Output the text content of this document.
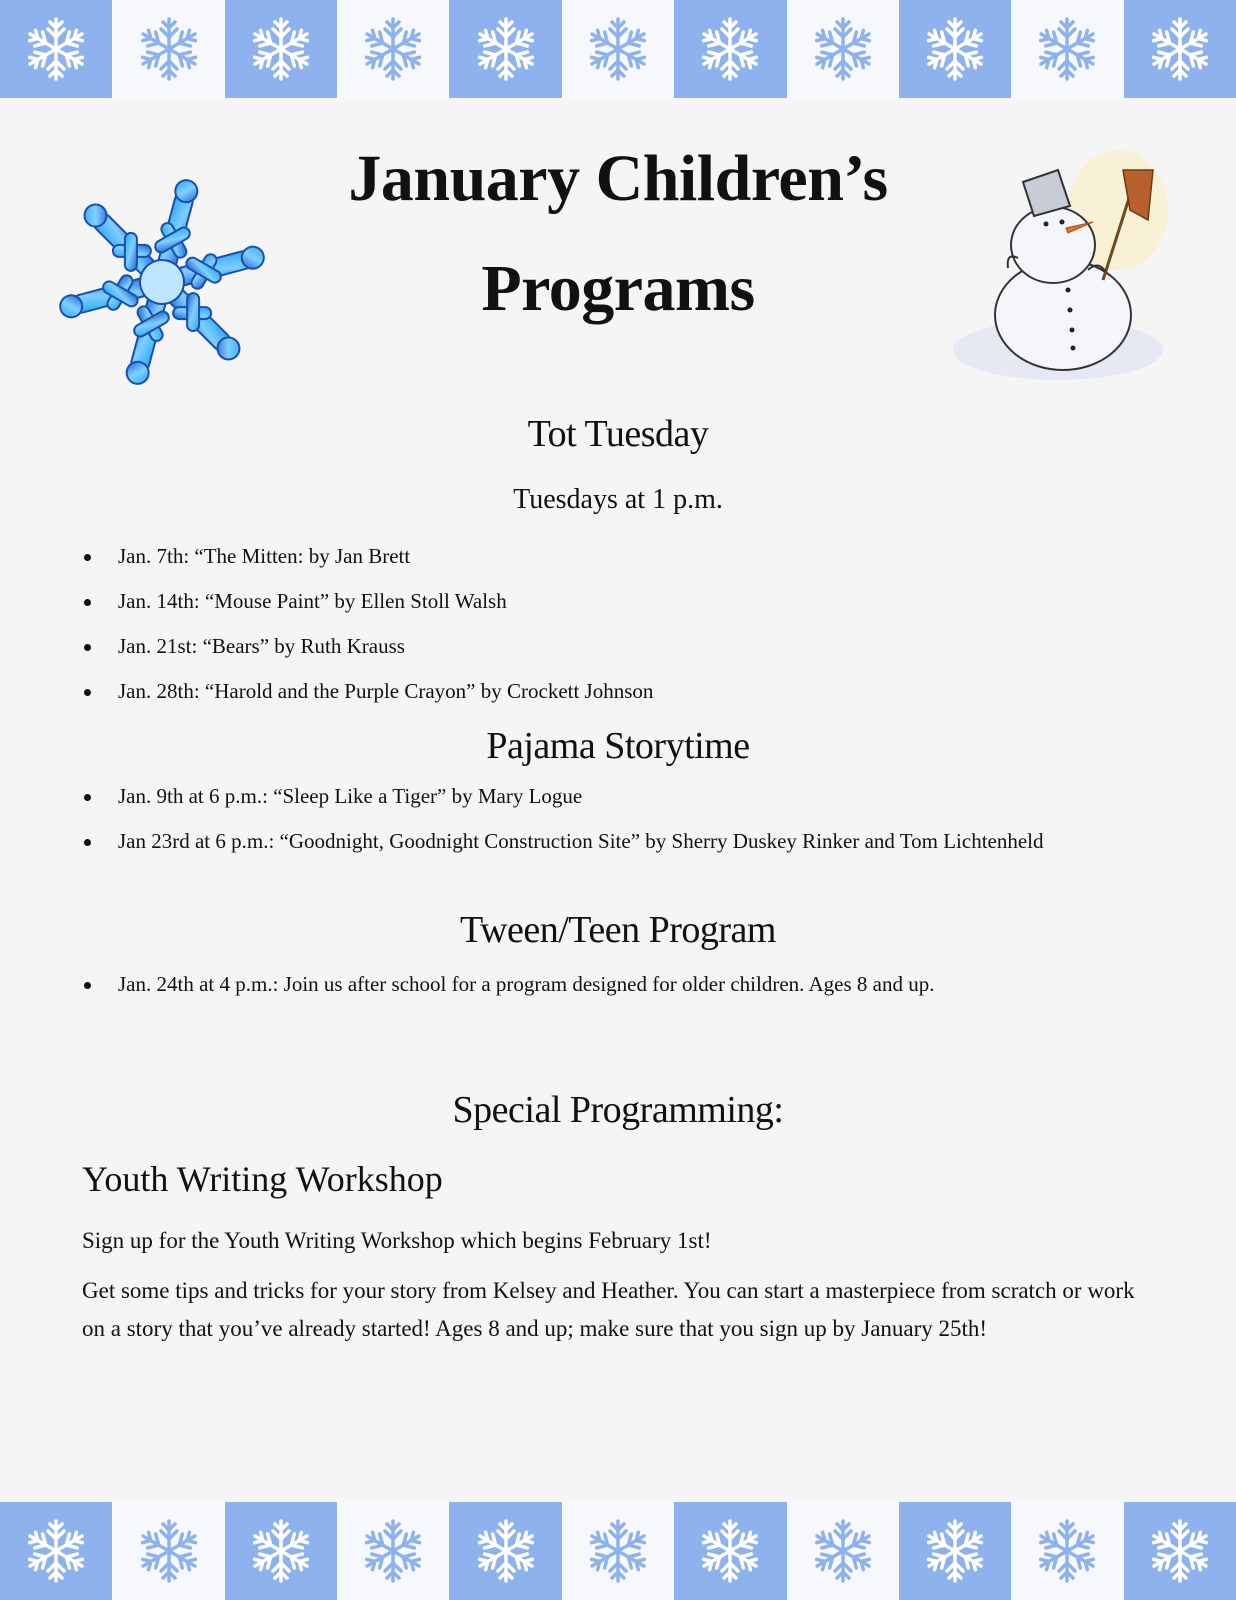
January Children’s
Programs
Tot Tuesday
Tuesdays at 1 p.m.
Jan. 7th: “The Mitten: by Jan Brett
Jan. 14th: “Mouse Paint” by Ellen Stoll Walsh
Jan. 21st: “Bears” by Ruth Krauss
Jan. 28th: “Harold and the Purple Crayon” by Crockett Johnson
Pajama Storytime
Jan. 9th at 6 p.m.: “Sleep Like a Tiger” by Mary Logue
Jan 23rd at 6 p.m.: “Goodnight, Goodnight Construction Site” by Sherry Duskey Rinker and Tom Lichtenheld
Tween/Teen Program
Jan. 24th at 4 p.m.: Join us after school for a program designed for older children. Ages 8 and up.
Special Programming:
Youth Writing Workshop

Sign up for the Youth Writing Workshop which begins February 1st!

Get some tips and tricks for your story from Kelsey and Heather. You can start a masterpiece from scratch or work on a story that you’ve already started! Ages 8 and up; make sure that you sign up by January 25th!
